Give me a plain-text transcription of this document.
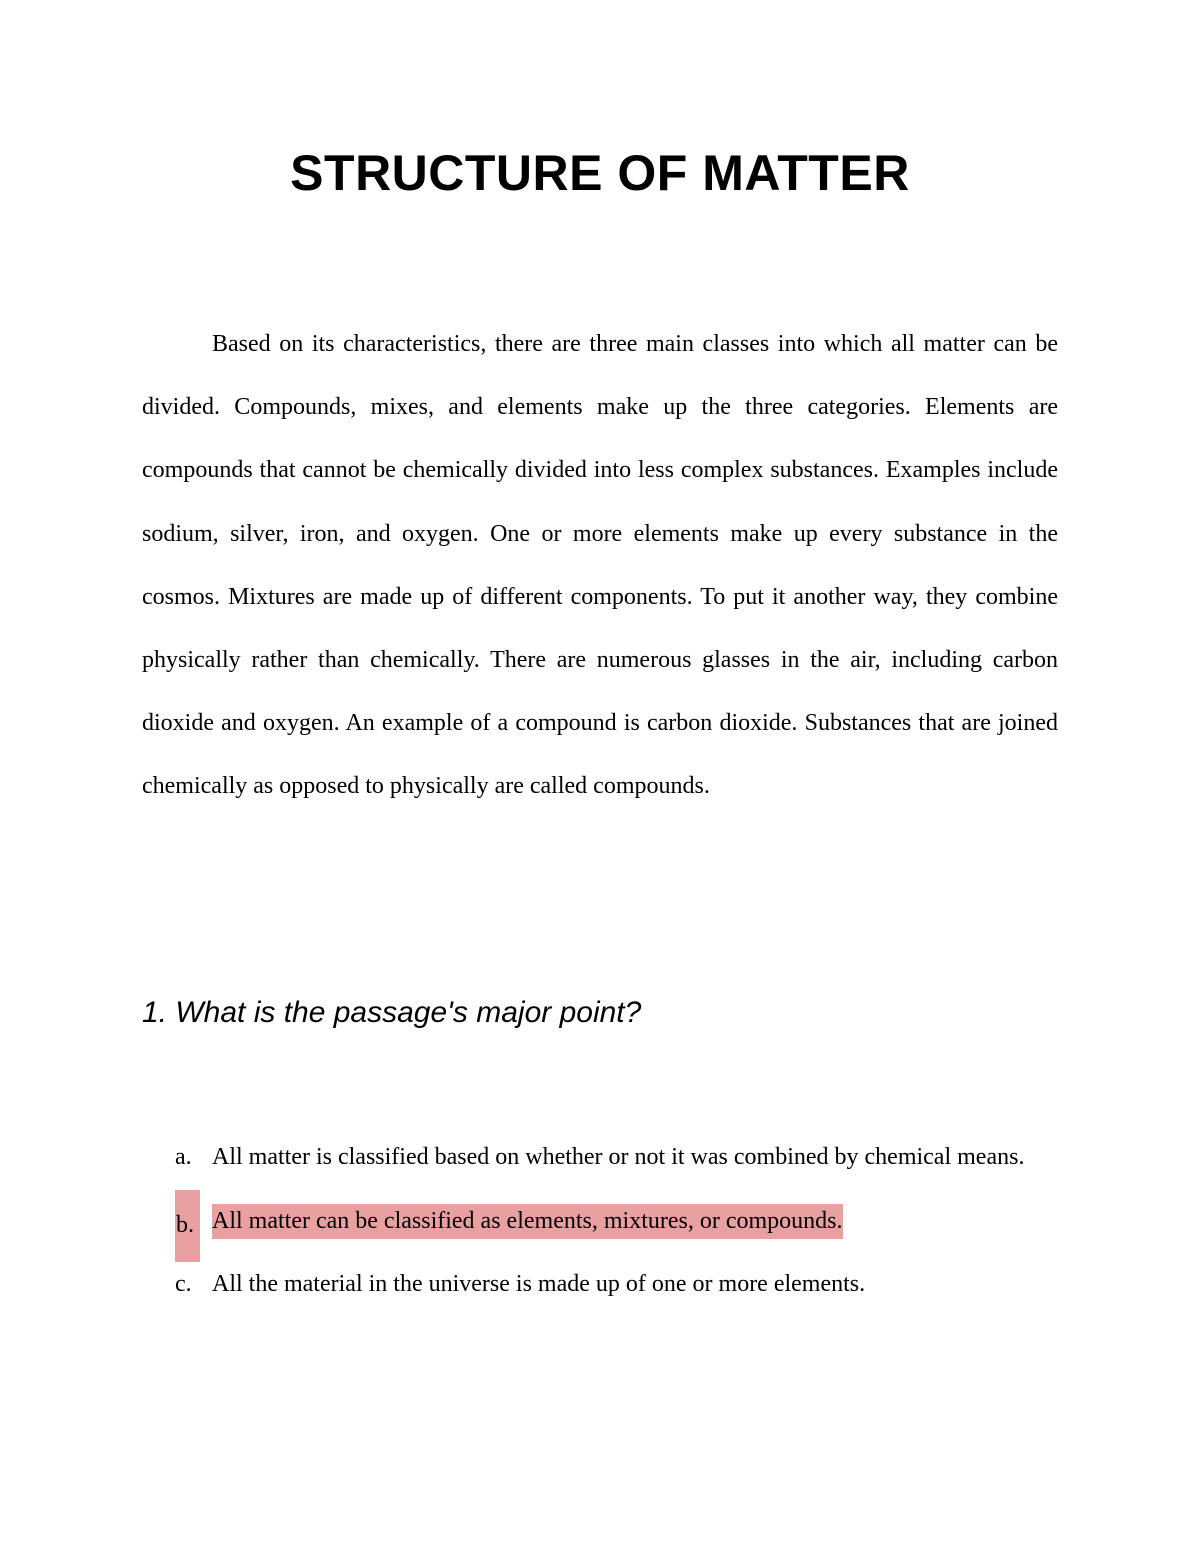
STRUCTURE OF MATTER

Based on its characteristics, there are three main classes into which all matter can be divided. Compounds, mixes, and elements make up the three categories. Elements are compounds that cannot be chemically divided into less complex substances. Examples include sodium, silver, iron, and oxygen. One or more elements make up every substance in the cosmos. Mixtures are made up of different components. To put it another way, they combine physically rather than chemically. There are numerous glasses in the air, including carbon dioxide and oxygen. An example of a compound is carbon dioxide. Substances that are joined chemically as opposed to physically are called compounds.

1. What is the passage's major point?

a. All matter is classified based on whether or not it was combined by chemical means.
b. All matter can be classified as elements, mixtures, or compounds.
c. All the material in the universe is made up of one or more elements.
